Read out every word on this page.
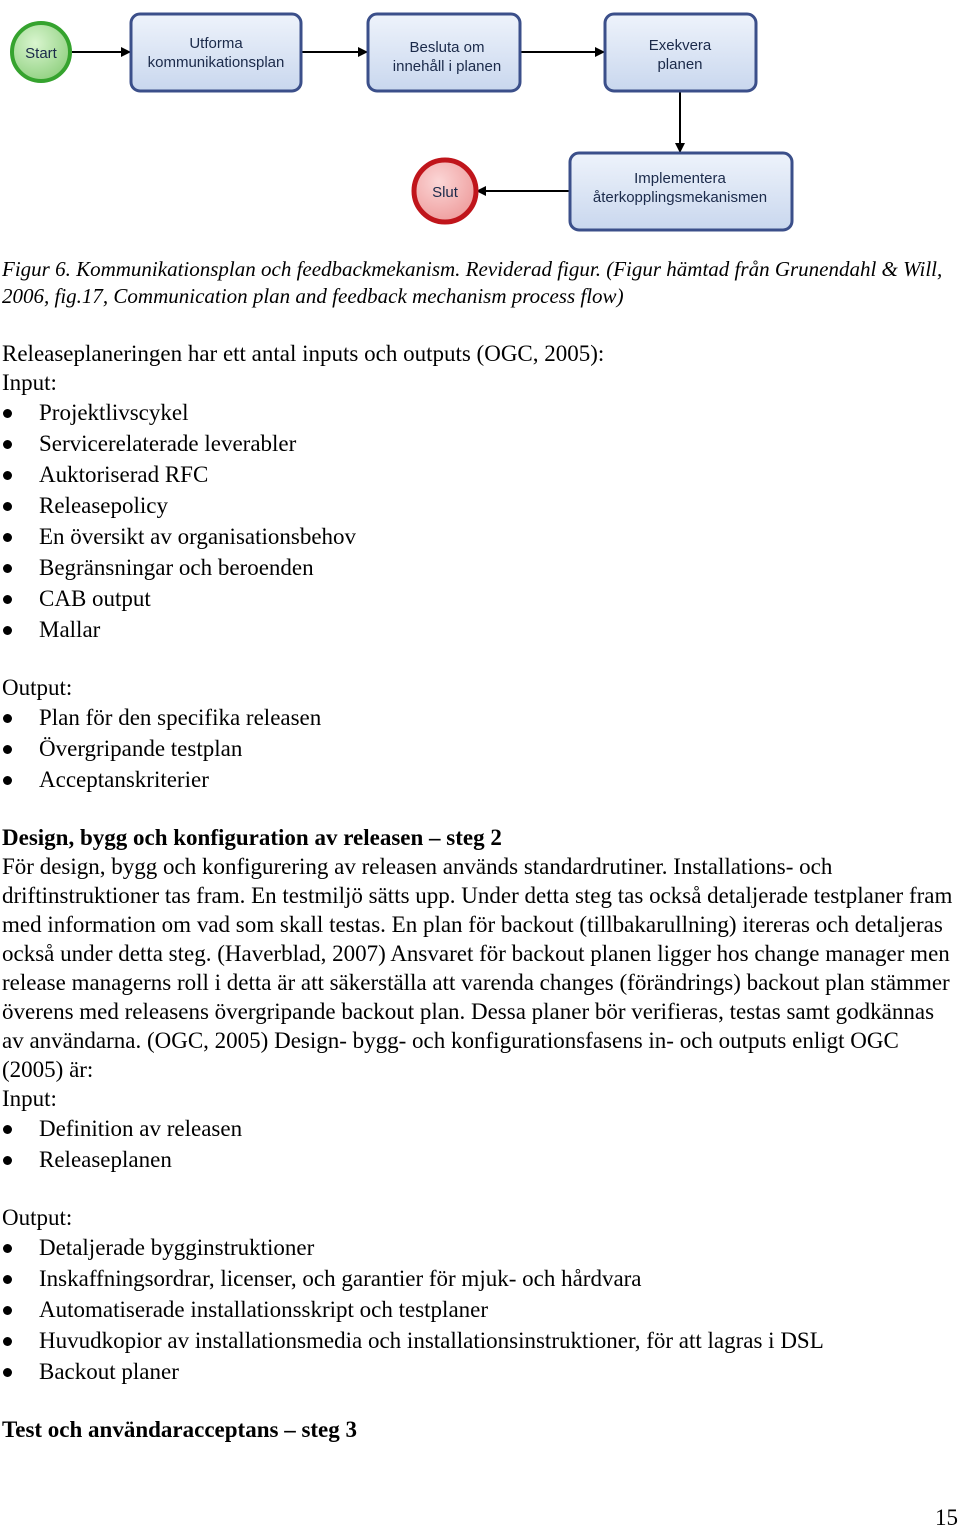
Start
Utforma
kommunikationsplan
Besluta om
innehåll i planen
Exekvera
planen
Implementera
återkopplingsmekanismen
Slut
Figur 6. Kommunikationsplan och feedbackmekanism. Reviderad figur. (Figur hämtad från Grunendahl & Will, 2006, fig.17, Communication plan and feedback mechanism process flow)

Releaseplaneringen har ett antal inputs och outputs (OGC, 2005):

Input:

Projektlivscykel
Servicerelaterade leverabler
Auktoriserad RFC
Releasepolicy
En översikt av organisationsbehov
Begränsningar och beroenden
CAB output
Mallar

Output:

Plan för den specifika releasen
Övergripande testplan
Acceptanskriterier

Design, bygg och konfiguration av releasen – steg 2

För design, bygg och konfigurering av releasen används standardrutiner. Installations- och driftinstruktioner tas fram. En testmiljö sätts upp. Under detta steg tas också detaljerade testplaner fram med information om vad som skall testas. En plan för backout (tillbakarullning) itereras och detaljeras också under detta steg. (Haverblad, 2007) Ansvaret för backout planen ligger hos change manager men release managerns roll i detta är att säkerställa att varenda changes (förändrings) backout plan stämmer överens med releasens övergripande backout plan. Dessa planer bör verifieras, testas samt godkännas av användarna. (OGC, 2005) Design- bygg- och konfigurationsfasens in- och outputs enligt OGC (2005) är:

Input:

Definition av releasen
Releaseplanen

Output:

Detaljerade bygginstruktioner
Inskaffningsordrar, licenser, och garantier för mjuk- och hårdvara
Automatiserade installationsskript och testplaner
Huvudkopior av installationsmedia och installationsinstruktioner, för att lagras i DSL
Backout planer

Test och användaracceptans – steg 3

15
